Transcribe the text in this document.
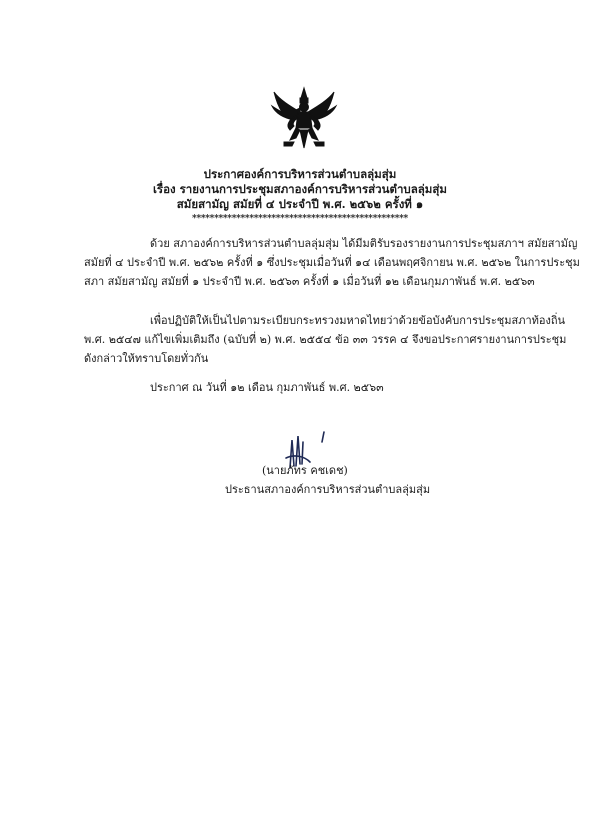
ประกาศองค์การบริหารส่วนตำบลลุ่มสุ่ม
เรื่อง รายงานการประชุมสภาองค์การบริหารส่วนตำบลลุ่มสุ่ม
สมัยสามัญ สมัยที่ ๔ ประจำปี พ.ศ. ๒๕๖๒ ครั้งที่ ๑
*************************************************
ด้วย สภาองค์การบริหารส่วนตำบลลุ่มสุ่ม ได้มีมติรับรองรายงานการประชุมสภาฯ สมัยสามัญ
สมัยที่ ๔ ประจำปี พ.ศ. ๒๕๖๒ ครั้งที่ ๑ ซึ่งประชุมเมื่อวันที่ ๑๔ เดือนพฤศจิกายน พ.ศ. ๒๕๖๒ ในการประชุม
สภา สมัยสามัญ สมัยที่ ๑ ประจำปี พ.ศ. ๒๕๖๓ ครั้งที่ ๑ เมื่อวันที่ ๑๒ เดือนกุมภาพันธ์ พ.ศ. ๒๕๖๓
เพื่อปฏิบัติให้เป็นไปตามระเบียบกระทรวงมหาดไทยว่าด้วยข้อบังคับการประชุมสภาท้องถิ่น
พ.ศ. ๒๕๔๗ แก้ไขเพิ่มเติมถึง (ฉบับที่ ๒) พ.ศ. ๒๕๕๔ ข้อ ๓๓ วรรค ๔ จึงขอประกาศรายงานการประชุม
ดังกล่าวให้ทราบโดยทั่วกัน
ประกาศ ณ วันที่ ๑๒ เดือน กุมภาพันธ์ พ.ศ. ๒๕๖๓
(นายภัทร คชเดช)
ประธานสภาองค์การบริหารส่วนตำบลลุ่มสุ่ม
